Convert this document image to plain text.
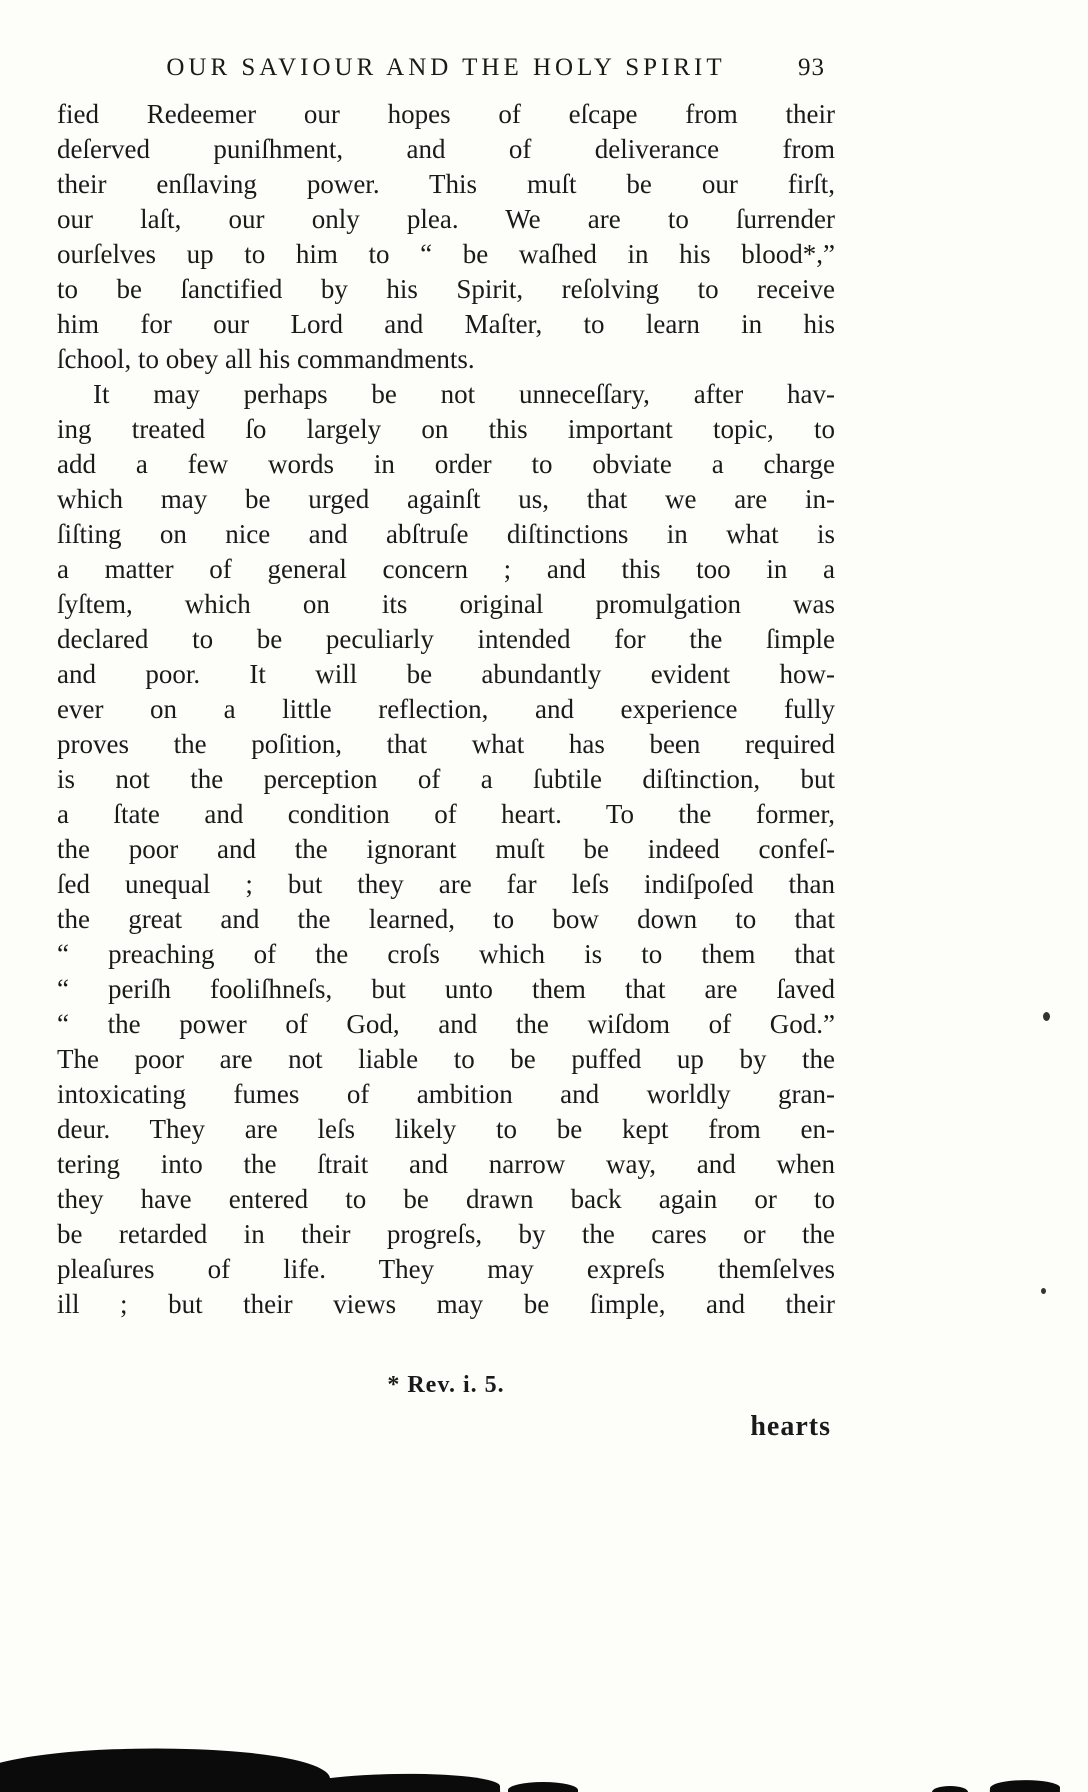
OUR SAVIOUR AND THE HOLY SPIRIT	93
fied Redeemer our hopes of eſcape from their
deſerved puniſhment, and of deliverance from
their enſlaving power. This muſt be our firſt,
our laſt, our only plea. We are to ſurrender
ourſelves up to him to “ be waſhed in his blood*,”
to be ſanctified by his Spirit, reſolving to receive
him for our Lord and Maſter, to learn in his
ſchool, to obey all his commandments.
It may perhaps be not unneceſſary, after hav-
ing treated ſo largely on this important topic, to
add a few words in order to obviate a charge
which may be urged againſt us, that we are in-
ſiſting on nice and abſtruſe diſtinctions in what is
a matter of general concern ; and this too in a
ſyſtem, which on its original promulgation was
declared to be peculiarly intended for the ſimple
and poor. It will be abundantly evident how-
ever on a little reflection, and experience fully
proves the poſition, that what has been required
is not the perception of a ſubtile diſtinction, but
a ſtate and condition of heart. To the former,
the poor and the ignorant muſt be indeed confeſ-
ſed unequal ; but they are far leſs indiſpoſed than
the great and the learned, to bow down to that
“ preaching of the croſs which is to them that
“ periſh fooliſhneſs, but unto them that are ſaved
“ the power of God, and the wiſdom of God.”
The poor are not liable to be puffed up by the
intoxicating fumes of ambition and worldly gran-
deur. They are leſs likely to be kept from en-
tering into the ſtrait and narrow way, and when
they have entered to be drawn back again or to
be retarded in their progreſs, by the cares or the
pleaſures of life. They may expreſs themſelves
ill ; but their views may be ſimple, and their
* Rev. i. 5.
hearts
